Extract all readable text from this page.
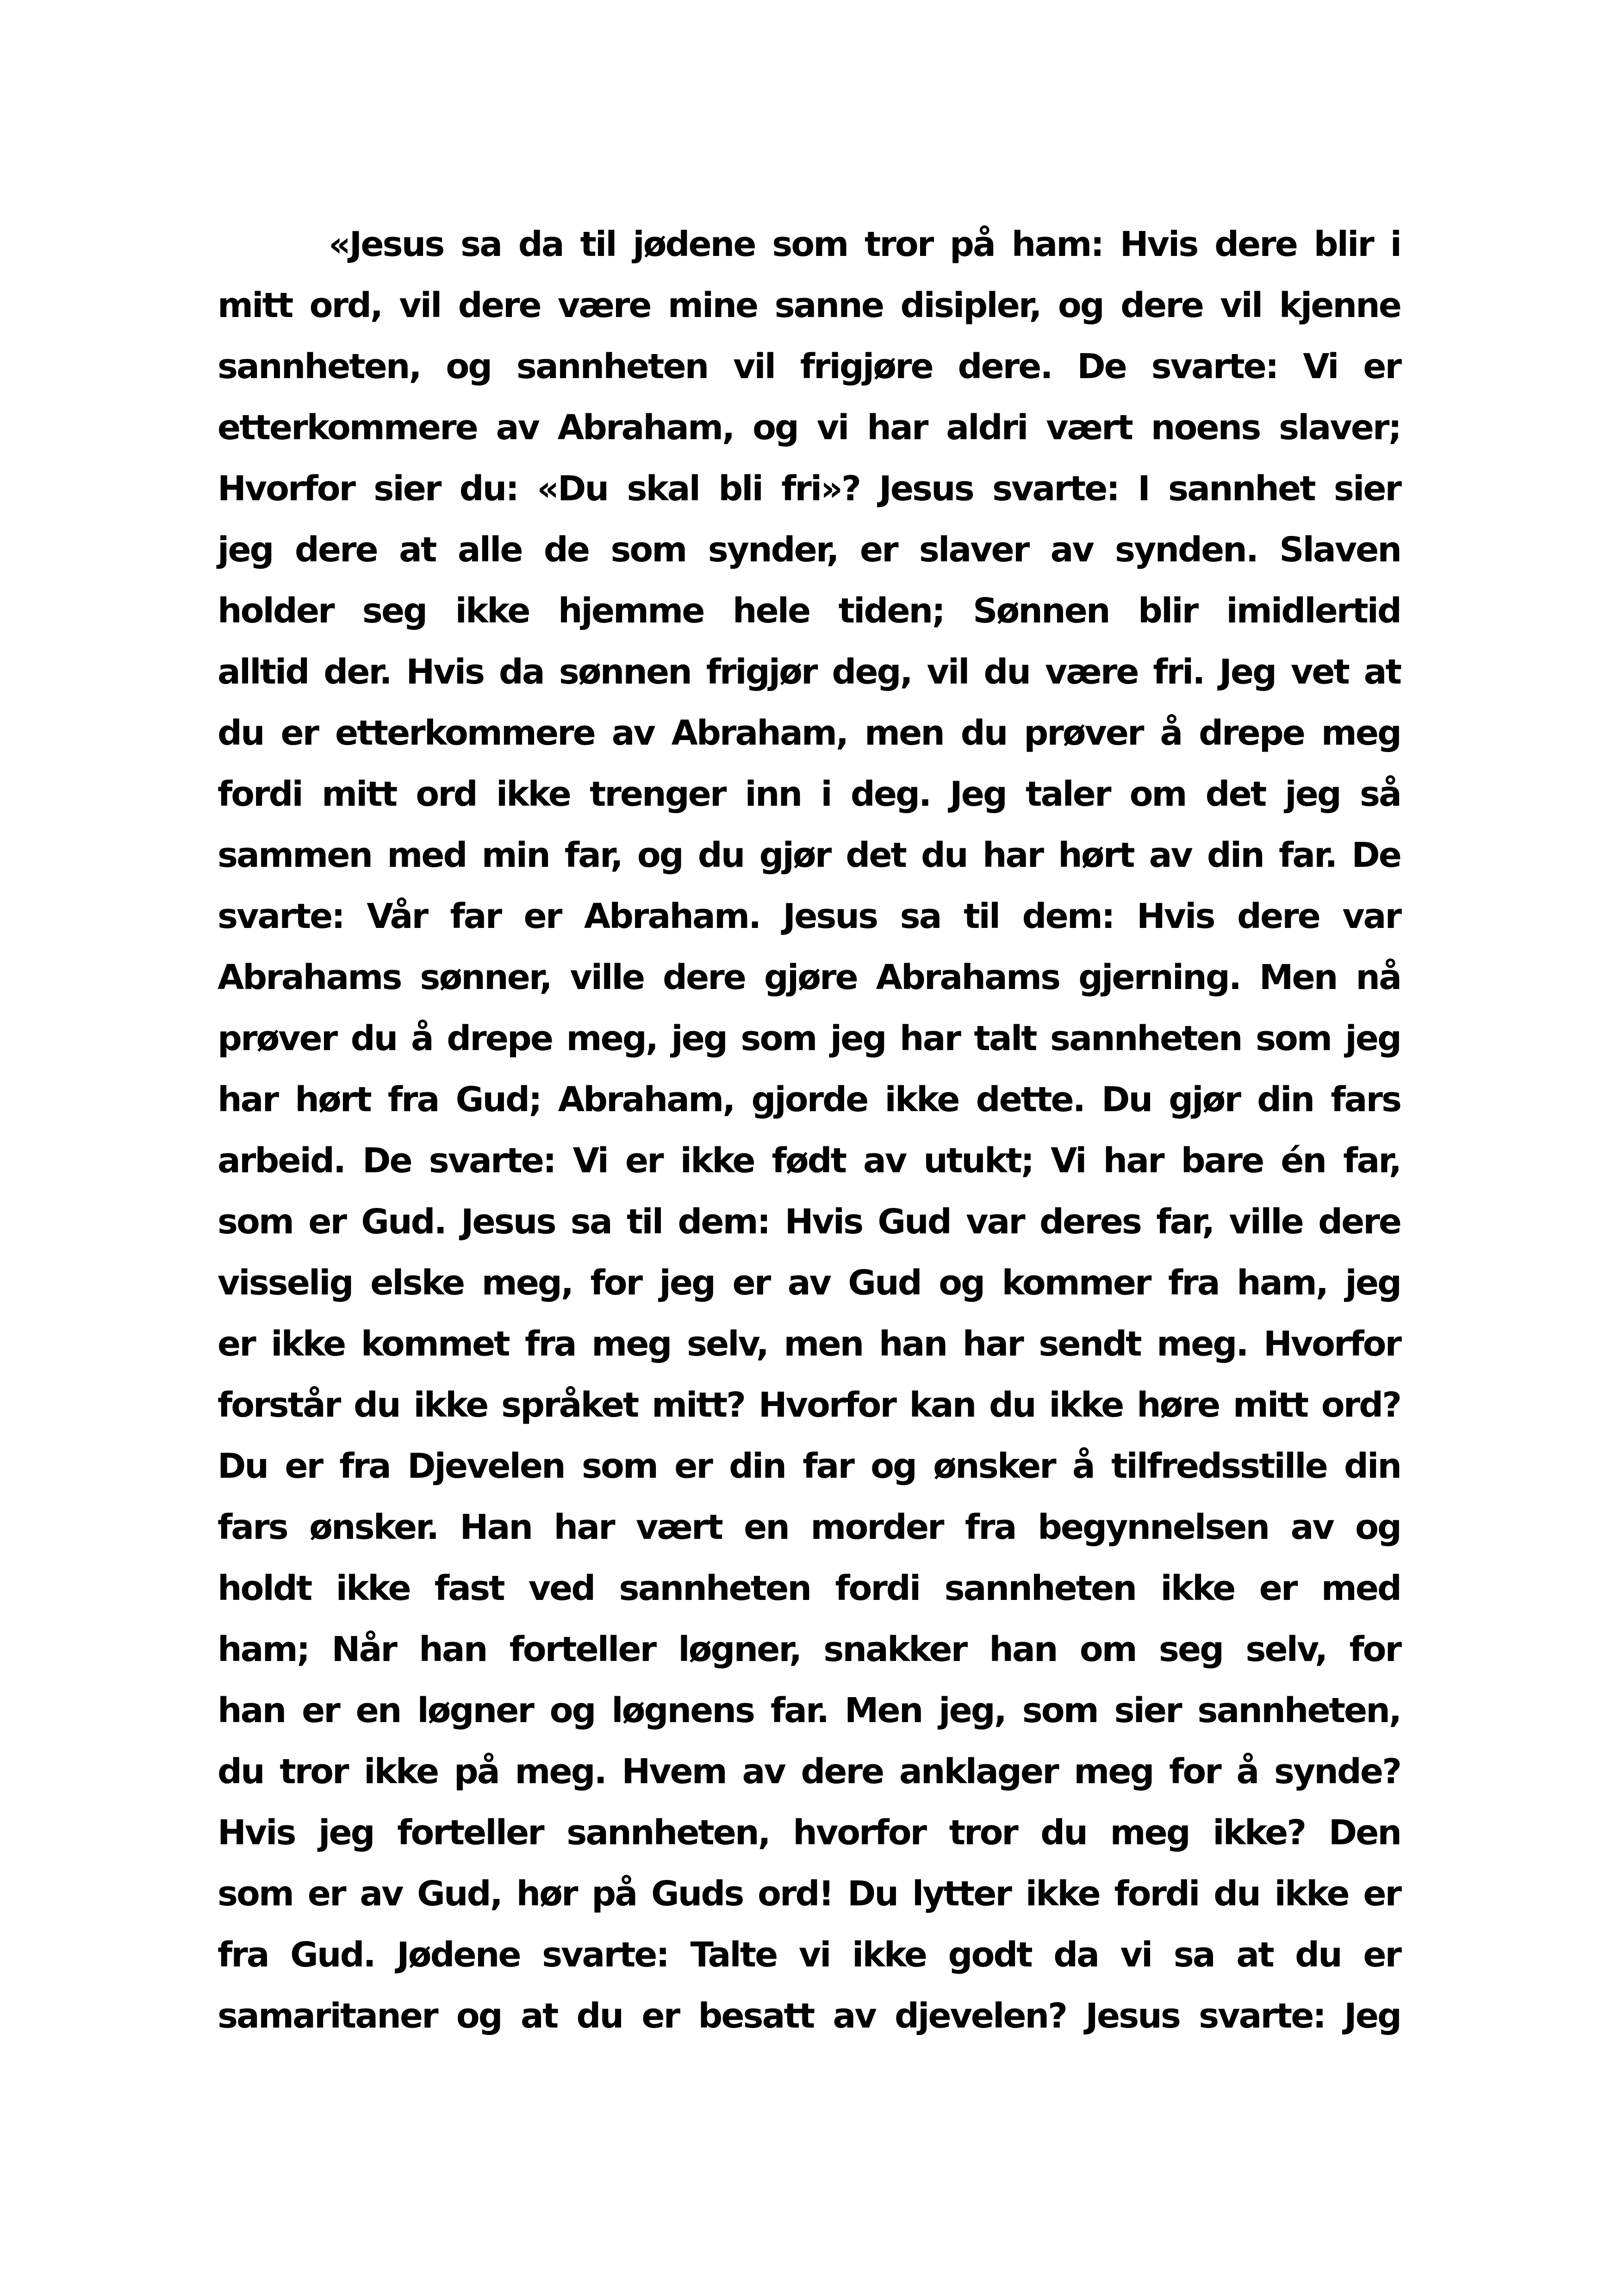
«Jesus sa da til jødene som tror på ham: Hvis dere blir i
mitt ord, vil dere være mine sanne disipler, og dere vil kjenne
sannheten, og sannheten vil frigjøre dere. De svarte: Vi er
etterkommere av Abraham, og vi har aldri vært noens slaver;
Hvorfor sier du: «Du skal bli fri»? Jesus svarte: I sannhet sier
jeg dere at alle de som synder, er slaver av synden. Slaven
holder seg ikke hjemme hele tiden; Sønnen blir imidlertid
alltid der. Hvis da sønnen frigjør deg, vil du være fri. Jeg vet at
du er etterkommere av Abraham, men du prøver å drepe meg
fordi mitt ord ikke trenger inn i deg. Jeg taler om det jeg så
sammen med min far, og du gjør det du har hørt av din far. De
svarte: Vår far er Abraham. Jesus sa til dem: Hvis dere var
Abrahams sønner, ville dere gjøre Abrahams gjerning. Men nå
prøver du å drepe meg, jeg som jeg har talt sannheten som jeg
har hørt fra Gud; Abraham, gjorde ikke dette. Du gjør din fars
arbeid. De svarte: Vi er ikke født av utukt; Vi har bare én far,
som er Gud. Jesus sa til dem: Hvis Gud var deres far, ville dere
visselig elske meg, for jeg er av Gud og kommer fra ham, jeg
er ikke kommet fra meg selv, men han har sendt meg. Hvorfor
forstår du ikke språket mitt? Hvorfor kan du ikke høre mitt ord?
Du er fra Djevelen som er din far og ønsker å tilfredsstille din
fars ønsker. Han har vært en morder fra begynnelsen av og
holdt ikke fast ved sannheten fordi sannheten ikke er med
ham; Når han forteller løgner, snakker han om seg selv, for
han er en løgner og løgnens far. Men jeg, som sier sannheten,
du tror ikke på meg. Hvem av dere anklager meg for å synde?
Hvis jeg forteller sannheten, hvorfor tror du meg ikke? Den
som er av Gud, hør på Guds ord! Du lytter ikke fordi du ikke er
fra Gud. Jødene svarte: Talte vi ikke godt da vi sa at du er
samaritaner og at du er besatt av djevelen? Jesus svarte: Jeg
